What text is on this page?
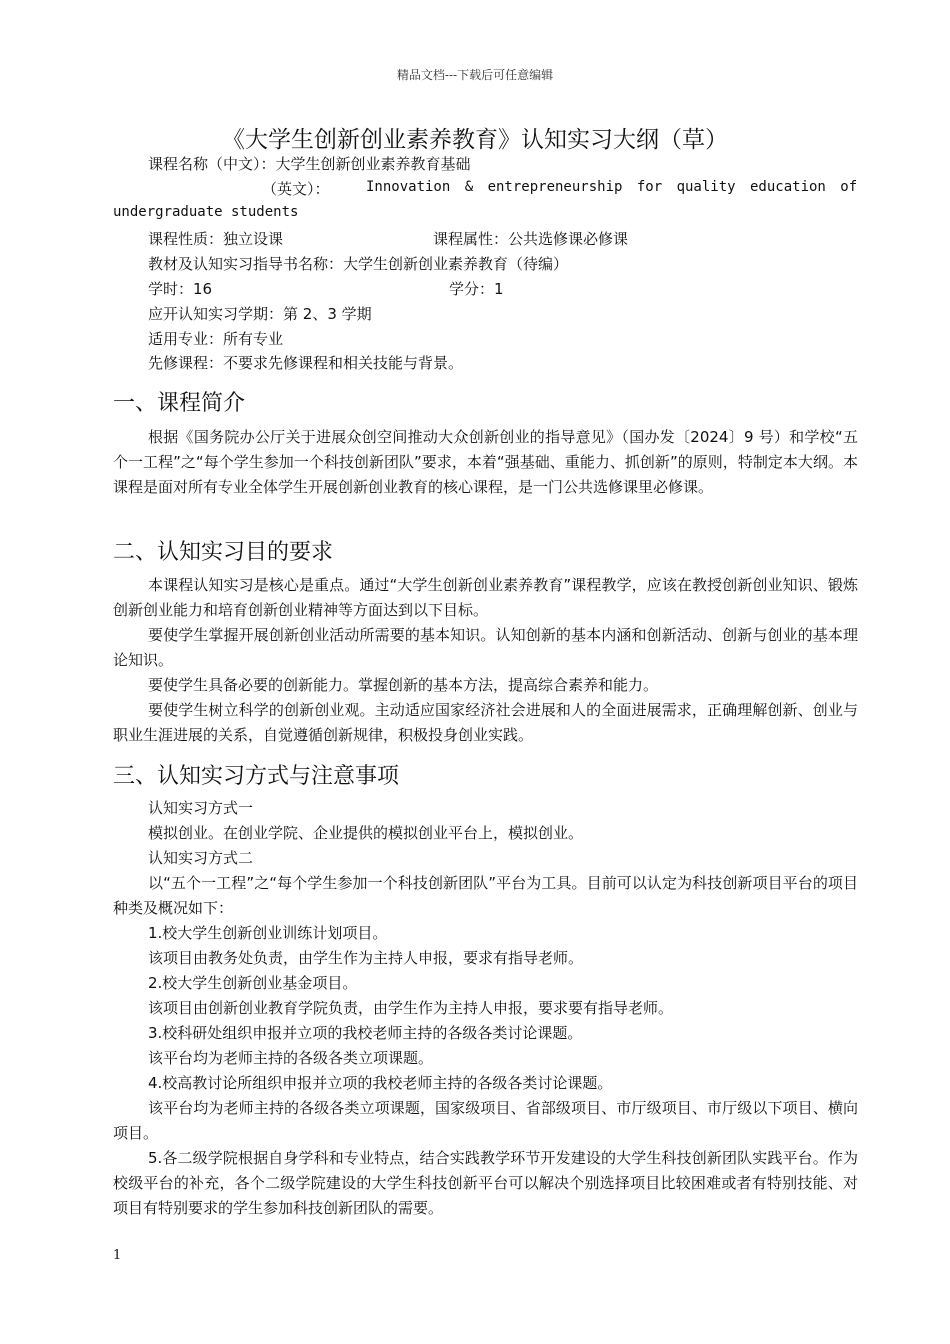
精品文档---下载后可任意编辑
《大学生创新创业素养教育》认知实习大纲（草）
课程名称（中文）：大学生创新创业素养教育基础
（英文）：	Innovation & entrepreneurship for quality education of
undergraduate students
课程性质：独立设课	课程属性：公共选修课必修课
教材及认知实习指导书名称：大学生创新创业素养教育（待编）
学时：16	学分：1
应开认知实习学期：第 2、3 学期
适用专业：所有专业
先修课程：不要求先修课程和相关技能与背景。
一、课程简介

根据《国务院办公厅关于进展众创空间推动大众创新创业的指导意见》（国办发〔2024〕9 号）和学校“五个一工程”之“每个学生参加一个科技创新团队”要求，本着“强基础、重能力、抓创新”的原则，特制定本大纲。本课程是面对所有专业全体学生开展创新创业教育的核心课程，是一门公共选修课里必修课。

二、认知实习目的要求

本课程认知实习是核心是重点。通过“大学生创新创业素养教育”课程教学，应该在教授创新创业知识、锻炼创新创业能力和培育创新创业精神等方面达到以下目标。

要使学生掌握开展创新创业活动所需要的基本知识。认知创新的基本内涵和创新活动、创新与创业的基本理论知识。

要使学生具备必要的创新能力。掌握创新的基本方法，提高综合素养和能力。

要使学生树立科学的创新创业观。主动适应国家经济社会进展和人的全面进展需求，正确理解创新、创业与职业生涯进展的关系，自觉遵循创新规律，积极投身创业实践。

三、认知实习方式与注意事项

认知实习方式一

模拟创业。在创业学院、企业提供的模拟创业平台上，模拟创业。

认知实习方式二

以“五个一工程”之“每个学生参加一个科技创新团队”平台为工具。目前可以认定为科技创新项目平台的项目种类及概况如下：

1.校大学生创新创业训练计划项目。

该项目由教务处负责，由学生作为主持人申报，要求有指导老师。

2.校大学生创新创业基金项目。

该项目由创新创业教育学院负责，由学生作为主持人申报，要求要有指导老师。

3.校科研处组织申报并立项的我校老师主持的各级各类讨论课题。

该平台均为老师主持的各级各类立项课题。

4.校高教讨论所组织申报并立项的我校老师主持的各级各类讨论课题。

该平台均为老师主持的各级各类立项课题，国家级项目、省部级项目、市厅级项目、市厅级以下项目、横向项目。

5.各二级学院根据自身学科和专业特点，结合实践教学环节开发建设的大学生科技创新团队实践平台。作为校级平台的补充，各个二级学院建设的大学生科技创新平台可以解决个别选择项目比较困难或者有特别技能、对项目有特别要求的学生参加科技创新团队的需要。

1
